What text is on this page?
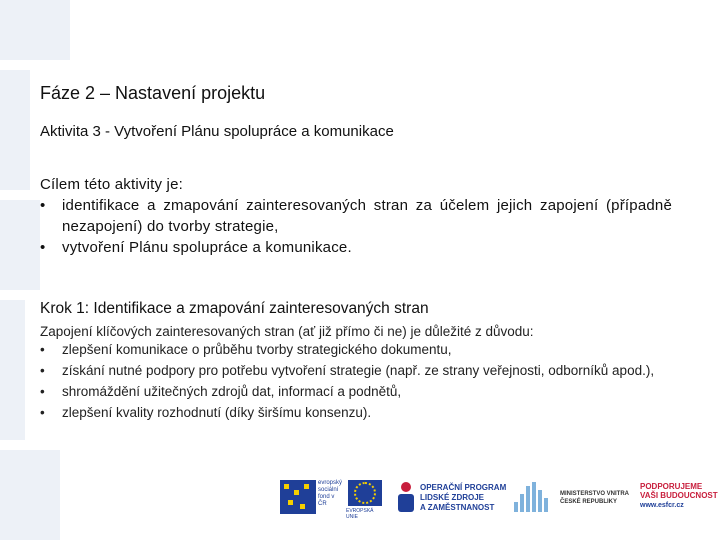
Fáze 2 – Nastavení projektu
Aktivita 3 - Vytvoření Plánu spolupráce a komunikace
Cílem této aktivity je:
• identifikace a zmapování zainteresovaných stran za účelem jejich zapojení (případně nezapojení) do tvorby strategie,
• vytvoření Plánu spolupráce a komunikace.
Krok 1: Identifikace a zmapování zainteresovaných stran
Zapojení klíčových zainteresovaných stran (ať již přímo či ne) je důležité z důvodu:
• zlepšení komunikace o průběhu tvorby strategického dokumentu,
• získání nutné podpory pro potřebu vytvoření strategie (např. ze strany veřejnosti, odborníků apod.),
• shromáždění užitečných zdrojů dat, informací a podnětů,
• zlepšení kvality rozhodnutí (díky širšímu konsenzu).
evropský sociální fond v ČR
EVROPSKÁ UNIE
OPERAČNÍ PROGRAM
LIDSKÉ ZDROJE
A ZAMĚSTNANOST
MINISTERSTVO VNITRA
ČESKÉ REPUBLIKY
PODPORUJEME
VAŠI BUDOUCNOST
www.esfcr.cz
